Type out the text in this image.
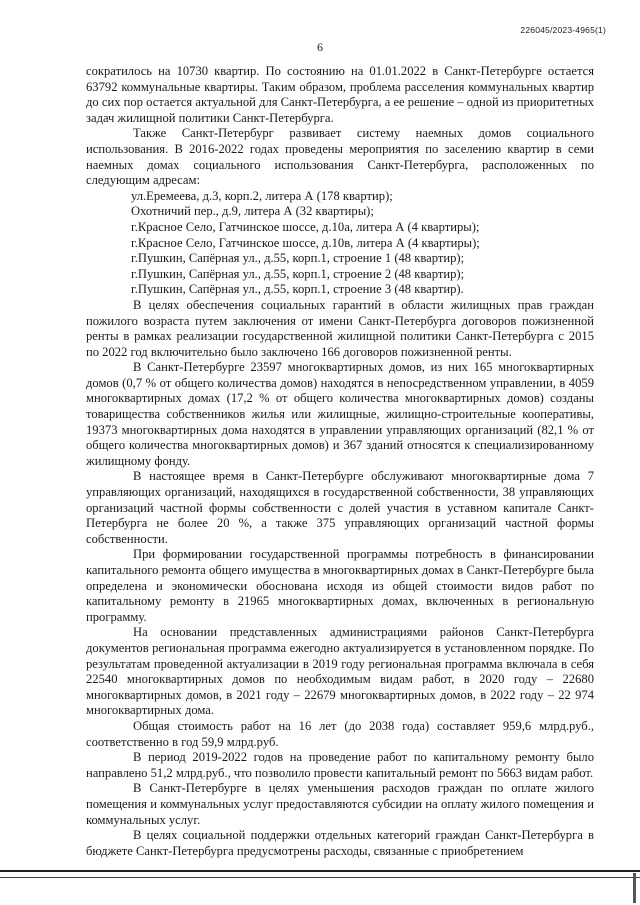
226045/2023-4965(1)
6

сократилось на 10730 квартир. По состоянию на 01.01.2022 в Санкт-Петербурге остается 63792 коммунальные квартиры. Таким образом, проблема расселения коммунальных квартир до сих пор остается актуальной для Санкт-Петербурга, а ее решение – одной из приоритетных задач жилищной политики Санкт-Петербурга.

Также Санкт-Петербург развивает систему наемных домов социального использования. В 2016-2022 годах проведены мероприятия по заселению квартир в семи наемных домах социального использования Санкт-Петербурга, расположенных по следующим адресам:

ул.Еремеева, д.3, корп.2, литера А (178 квартир);

Охотничий пер., д.9, литера А (32 квартиры);

г.Красное Село, Гатчинское шоссе, д.10а, литера А (4 квартиры);

г.Красное Село, Гатчинское шоссе, д.10в, литера А (4 квартиры);

г.Пушкин, Сапёрная ул., д.55, корп.1, строение 1 (48 квартир);

г.Пушкин, Сапёрная ул., д.55, корп.1, строение 2 (48 квартир);

г.Пушкин, Сапёрная ул., д.55, корп.1, строение 3 (48 квартир).

В целях обеспечения социальных гарантий в области жилищных прав граждан пожилого возраста путем заключения от имени Санкт-Петербурга договоров пожизненной ренты в рамках реализации государственной жилищной политики Санкт-Петербурга с 2015 по 2022 год включительно было заключено 166 договоров пожизненной ренты.

В Санкт-Петербурге 23597 многоквартирных домов, из них 165 многоквартирных домов (0,7 % от общего количества домов) находятся в непосредственном управлении, в 4059 многоквартирных домах (17,2 % от общего количества многоквартирных домов) созданы товарищества собственников жилья или жилищные, жилищно-строительные кооперативы, 19373 многоквартирных дома находятся в управлении управляющих организаций (82,1 % от общего количества многоквартирных домов) и 367 зданий относятся к специализированному жилищному фонду.

В настоящее время в Санкт-Петербурге обслуживают многоквартирные дома 7 управляющих организаций, находящихся в государственной собственности, 38 управляющих организаций частной формы собственности с долей участия в уставном капитале Санкт-Петербурга не более 20 %, а также 375 управляющих организаций частной формы собственности.

При формировании государственной программы потребность в финансировании капитального ремонта общего имущества в многоквартирных домах в Санкт-Петербурге была определена и экономически обоснована исходя из общей стоимости видов работ по капитальному ремонту в 21965 многоквартирных домах, включенных в региональную программу.

На основании представленных администрациями районов Санкт-Петербурга документов региональная программа ежегодно актуализируется в установленном порядке. По результатам проведенной актуализации в 2019 году региональная программа включала в себя 22540 многоквартирных домов по необходимым видам работ, в 2020 году – 22680 многоквартирных домов, в 2021 году – 22679 многоквартирных домов, в 2022 году – 22 974 многоквартирных дома.

Общая стоимость работ на 16 лет (до 2038 года) составляет 959,6 млрд.руб., соответственно в год 59,9 млрд.руб.

В период 2019-2022 годов на проведение работ по капитальному ремонту было направлено 51,2 млрд.руб., что позволило провести капитальный ремонт по 5663 видам работ.

В Санкт-Петербурге в целях уменьшения расходов граждан по оплате жилого помещения и коммунальных услуг предоставляются субсидии на оплату жилого помещения и коммунальных услуг.

В целях социальной поддержки отдельных категорий граждан Санкт-Петербурга в бюджете Санкт-Петербурга предусмотрены расходы, связанные с приобретением
